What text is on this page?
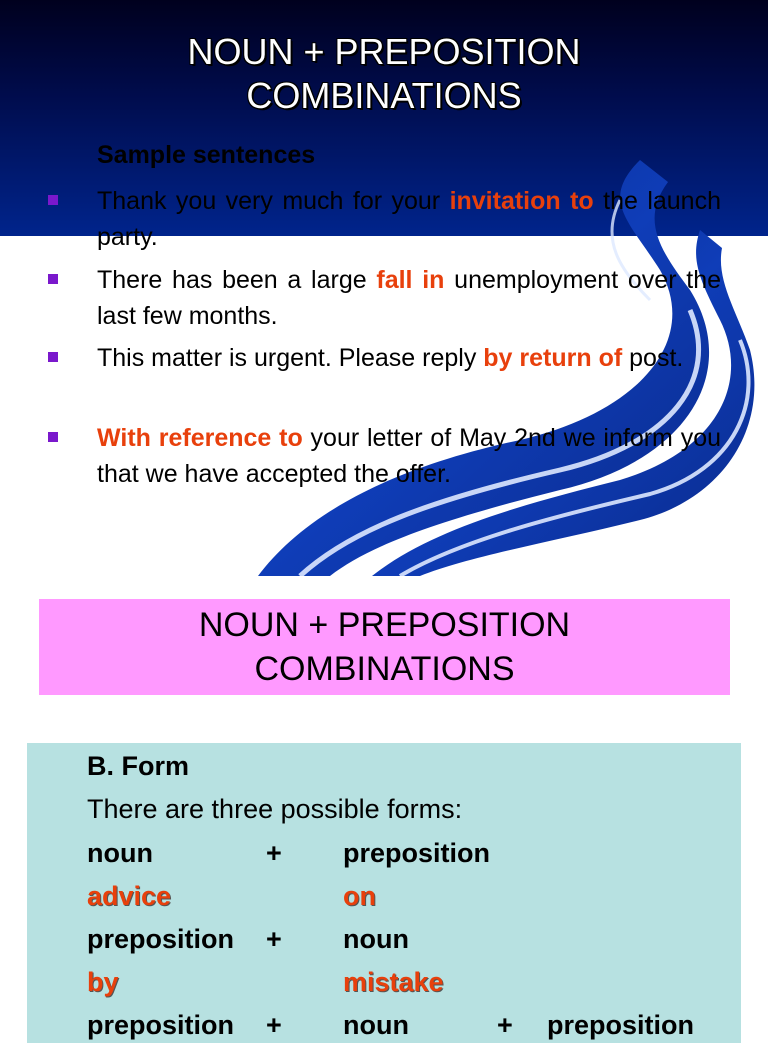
NOUN + PREPOSITION
COMBINATIONS
Sample sentences
Thank you very much for your invitation to the launch party.
There has been a large fall in unemployment over the last few months.
This matter is urgent. Please reply by return of post.
With reference to your letter of May 2nd we inform you that we have accepted the offer.
NOUN + PREPOSITION
COMBINATIONS
B. Form
There are three possible forms:
noun	+ preposition
advice	on
preposition + noun
by	mistake
preposition + noun	+ preposition
